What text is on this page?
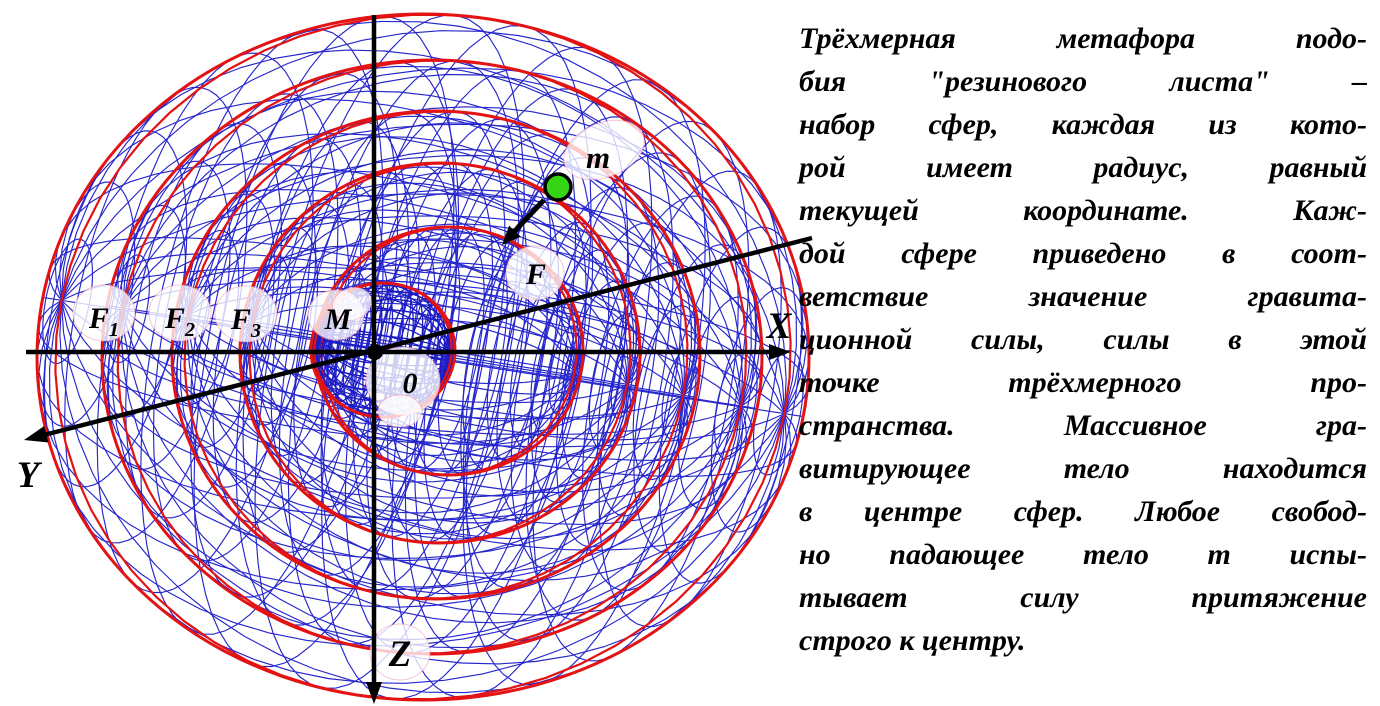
$F_1$ $F_2$ $F_3$ M
0
F
m
X
Y
Z
Трёхмерная метафора подо-
бия "резинового листа" –
набор сфер, каждая из кото-
рой имеет радиус, равный
текущей координате. Каж-
дой сфере приведено в соот-
ветствие значение гравита-
ционной силы, силы в этой
точке трёхмерного про-
странства. Массивное гра-
витирующее тело находится
в центре сфер. Любое свобод-
но падающее тело m испы-
тывает силу притяжение
строго к центру.
